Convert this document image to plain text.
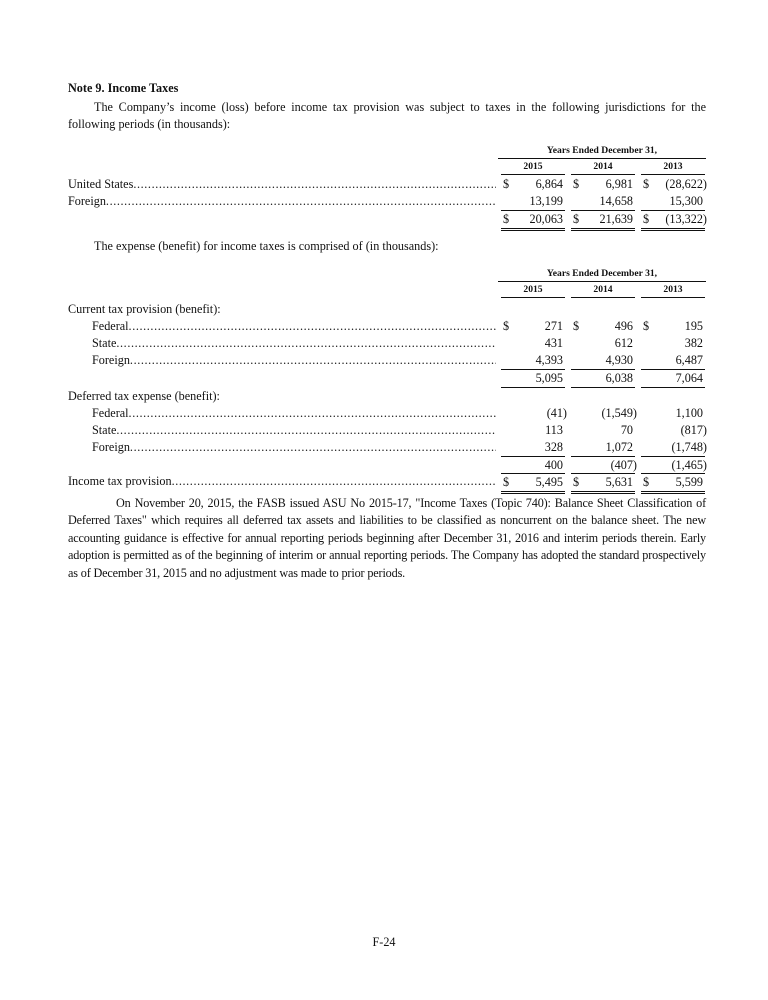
Note 9. Income Taxes
The Company’s income (loss) before income tax provision was subject to taxes in the following jurisdictions for the following periods (in thousands):
Years Ended December 31,
2015	2014	2013
United States .....	$ 6,864 $ 6,981 $ (28,622)
Foreign .....	13,199	14,658	15,300
$ 20,063 $ 21,639 $ (13,322)
The expense (benefit) for income taxes is comprised of (in thousands):
Years Ended December 31,
2015	2014	2013
Current tax provision (benefit):
Federal .....	$	271 $	496 $	195
State .....	431	612	382
Foreign .....	4,393	4,930	6,487
5,095	6,038	7,064
Deferred tax expense (benefit):
Federal .....	(41)	(1,549)	1,100
State .....	113	70	(817)
Foreign .....	328	1,072	(1,748)
400	(407)	(1,465)
Income tax provision .....	$ 5,495 $ 5,631 $ 5,599
On November 20, 2015, the FASB issued ASU No 2015-17, "Income Taxes (Topic 740): Balance Sheet Classification of Deferred Taxes" which requires all deferred tax assets and liabilities to be classified as noncurrent on the balance sheet. The new accounting guidance is effective for annual reporting periods beginning after December 31, 2016 and interim periods therein. Early adoption is permitted as of the beginning of interim or annual reporting periods. The Company has adopted the standard prospectively as of December 31, 2015 and no adjustment was made to prior periods.
F-24
